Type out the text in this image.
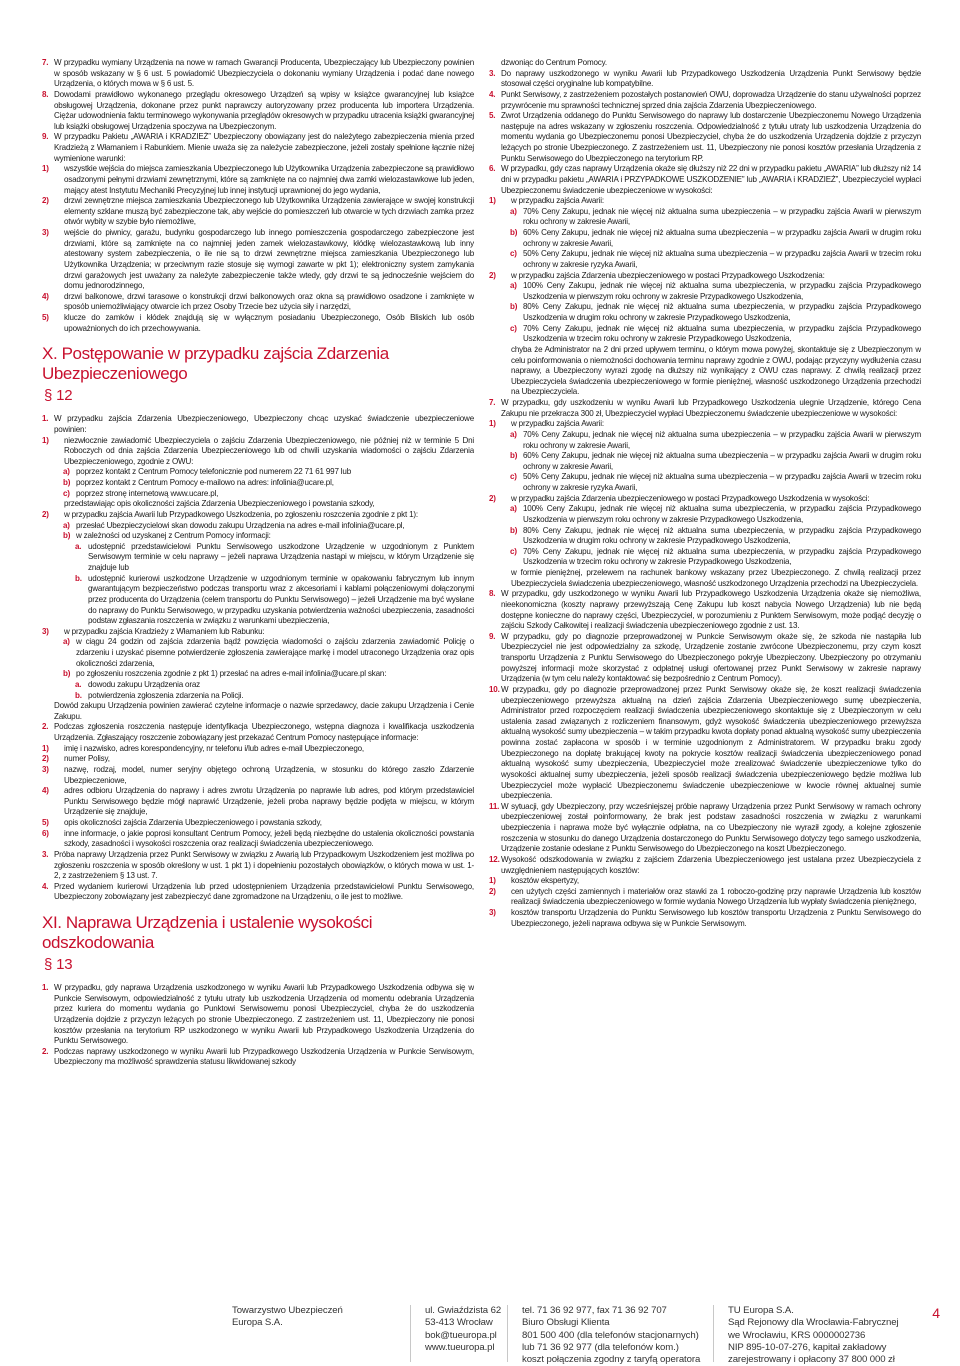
7. W przypadku wymiany Urządzenia na nowe w ramach Gwarancji Producenta, Ubezpieczający lub Ubezpieczony powinien w sposób wskazany w § 6 ust. 5 powiadomić Ubezpieczyciela o dokonaniu wymiany Urządzenia i podać dane nowego Urządzenia, o których mowa w § 6 ust. 5.

8. Dowodami prawidłowo wykonanego przeglądu okresowego Urządzeń są wpisy w książce gwarancyjnej lub książce obsługowej Urządzenia, dokonane przez punkt naprawczy autoryzowany przez producenta lub importera Urządzenia. Ciężar udowodnienia faktu terminowego wykonywania przeglądów okresowych w przypadku utracenia książki gwarancyjnej lub książki obsługowej Urządzenia spoczywa na Ubezpieczonym.

9. W przypadku Pakietu „AWARIA i KRADZIEŻ” Ubezpieczony obowiązany jest do należytego zabezpieczenia mienia przed Kradzieżą z Włamaniem i Rabunkiem. Mienie uważa się za należycie zabezpieczone, jeżeli zostały spełnione łącznie niżej wymienione warunki:

1) wszystkie wejścia do miejsca zamieszkania Ubezpieczonego lub Użytkownika Urządzenia zabezpieczone są prawidłowo osadzonymi pełnymi drzwiami zewnętrznymi, które są zamknięte na co najmniej dwa zamki wielozastawkowe lub jeden, mający atest Instytutu Mechaniki Precyzyjnej lub innej instytucji uprawnionej do jego wydania,

2) drzwi zewnętrzne miejsca zamieszkania Ubezpieczonego lub Użytkownika Urządzenia zawierające w swojej konstrukcji elementy szklane muszą być zabezpieczone tak, aby wejście do pomieszczeń lub otwarcie w tych drzwiach zamka przez otwór wybity w szybie było niemożliwe,

3) wejście do piwnicy, garażu, budynku gospodarczego lub innego pomieszczenia gospodarczego zabezpieczone jest drzwiami, które są zamknięte na co najmniej jeden zamek wielozastawkowy, kłódkę wielozastawkową lub inny atestowany system zabezpieczenia, o ile nie są to drzwi zewnętrzne miejsca zamieszkania Ubezpieczonego lub Użytkownika Urządzenia; w przeciwnym razie stosuje się wymogi zawarte w pkt 1); elektroniczny system zamykania drzwi garażowych jest uważany za należyte zabezpieczenie także wtedy, gdy drzwi te są jednocześnie wejściem do domu jednorodzinnego,

4) drzwi balkonowe, drzwi tarasowe o konstrukcji drzwi balkonowych oraz okna są prawidłowo osadzone i zamknięte w sposób uniemożliwiający otwarcie ich przez Osoby Trzecie bez użycia siły i narzędzi,

5) klucze do zamków i kłódek znajdują się w wyłącznym posiadaniu Ubezpieczonego, Osób Bliskich lub osób upoważnionych do ich przechowywania.

X. Postępowanie w przypadku zajścia Zdarzenia Ubezpieczeniowego
§ 12

1. W przypadku zajścia Zdarzenia Ubezpieczeniowego, Ubezpieczony chcąc uzyskać świadczenie ubezpieczeniowe powinien:

1) niezwłocznie zawiadomić Ubezpieczyciela o zajściu Zdarzenia Ubezpieczeniowego, nie później niż w terminie 5 Dni Roboczych od dnia zajścia Zdarzenia Ubezpieczeniowego lub od chwili uzyskania wiadomości o zajściu Zdarzenia Ubezpieczeniowego, zgodnie z OWU:

a) poprzez kontakt z Centrum Pomocy telefonicznie pod numerem 22 71 61 997 lub

b) poprzez kontakt z Centrum Pomocy e-mailowo na adres: infolinia@ucare.pl,

c) poprzez stronę internetową www.ucare.pl,

przedstawiając opis okoliczności zajścia Zdarzenia Ubezpieczeniowego i powstania szkody,

2) w przypadku zajścia Awarii lub Przypadkowego Uszkodzenia, po zgłoszeniu roszczenia zgodnie z pkt 1):

a) przesłać Ubezpieczycielowi skan dowodu zakupu Urządzenia na adres e-mail infolinia@ucare.pl,

b) w zależności od uzyskanej z Centrum Pomocy informacji:

a. udostępnić przedstawicielowi Punktu Serwisowego uszkodzone Urządzenie w uzgodnionym z Punktem Serwisowym terminie w celu naprawy – jeżeli naprawa Urządzenia nastąpi w miejscu, w którym Urządzenie się znajduje lub

b. udostępnić kurierowi uszkodzone Urządzenie w uzgodnionym terminie w opakowaniu fabrycznym lub innym gwarantującym bezpieczeństwo podczas transportu wraz z akcesoriami i kablami połączeniowymi dołączonymi przez producenta do Urządzenia (celem transportu do Punktu Serwisowego) – jeżeli Urządzenie ma być wysłane do naprawy do Punktu Serwisowego, w przypadku uzyskania potwierdzenia ważności ubezpieczenia, zasadności podstaw zgłaszania roszczenia w związku z warunkami ubezpieczenia,

3) w przypadku zajścia Kradzieży z Włamaniem lub Rabunku:

a) w ciągu 24 godzin od zajścia zdarzenia bądź powzięcia wiadomości o zajściu zdarzenia zawiadomić Policję o zdarzeniu i uzyskać pisemne potwierdzenie zgłoszenia zawierające markę i model utraconego Urządzenia oraz opis okoliczności zdarzenia,

b) po zgłoszeniu roszczenia zgodnie z pkt 1) przesłać na adres e-mail infolinia@ucare.pl skan:

a. dowodu zakupu Urządzenia oraz

b. potwierdzenia zgłoszenia zdarzenia na Policji.

Dowód zakupu Urządzenia powinien zawierać czytelne informacje o nazwie sprzedawcy, dacie zakupu Urządzenia i Cenie Zakupu.

2. Podczas zgłoszenia roszczenia następuje identyfikacja Ubezpieczonego, wstępna diagnoza i kwalifikacja uszkodzenia Urządzenia. Zgłaszający roszczenie zobowiązany jest przekazać Centrum Pomocy następujące informacje:

1) imię i nazwisko, adres korespondencyjny, nr telefonu i/lub adres e-mail Ubezpieczonego,

2) numer Polisy,

3) nazwę, rodzaj, model, numer seryjny objętego ochroną Urządzenia, w stosunku do którego zaszło Zdarzenie Ubezpieczeniowe,

4) adres odbioru Urządzenia do naprawy i adres zwrotu Urządzenia po naprawie lub adres, pod którym przedstawiciel Punktu Serwisowego będzie mógł naprawić Urządzenie, jeżeli proba naprawy będzie podjęta w miejscu, w którym Urządzenie się znajduje,

5) opis okoliczności zajścia Zdarzenia Ubezpieczeniowego i powstania szkody,

6) inne informacje, o jakie poprosi konsultant Centrum Pomocy, jeżeli będą niezbędne do ustalenia okoliczności powstania szkody, zasadności i wysokości roszczenia oraz realizacji świadczenia ubezpieczeniowego.

3. Próba naprawy Urządzenia przez Punkt Serwisowy w związku z Awarią lub Przypadkowym Uszkodzeniem jest możliwa po zgłoszeniu roszczenia w sposób określony w ust. 1 pkt 1) i dopełnieniu pozostałych obowiązków, o których mowa w ust. 1-2, z zastrzeżeniem § 13 ust. 7.

4. Przed wydaniem kurierowi Urządzenia lub przed udostępnieniem Urządzenia przedstawicielowi Punktu Serwisowego, Ubezpieczony zobowiązany jest zabezpieczyć dane zgromadzone na Urządzeniu, o ile jest to możliwe.

XI. Naprawa Urządzenia i ustalenie wysokości odszkodowania
§ 13

1. W przypadku, gdy naprawa Urządzenia uszkodzonego w wyniku Awarii lub Przypadkowego Uszkodzenia odbywa się w Punkcie Serwisowym, odpowiedzialność z tytułu utraty lub uszkodzenia Urządzenia od momentu odebrania Urządzenia przez kuriera do momentu wydania go Punktowi Serwisowemu ponosi Ubezpieczyciel, chyba że do uszkodzenia Urządzenia dojdzie z przyczyn leżących po stronie Ubezpieczonego. Z zastrzeżeniem ust. 11, Ubezpieczony nie ponosi kosztów przesłania na terytorium RP uszkodzonego w wyniku Awarii lub Przypadkowego Uszkodzenia Urządzenia do Punktu Serwisowego.

2. Podczas naprawy uszkodzonego w wyniku Awarii lub Przypadkowego Uszkodzenia Urządzenia w Punkcie Serwisowym, Ubezpieczony ma możliwość sprawdzenia statusu likwidowanej szkody

dzwoniąc do Centrum Pomocy.

3. Do naprawy uszkodzonego w wyniku Awarii lub Przypadkowego Uszkodzenia Urządzenia Punkt Serwisowy będzie stosował części oryginalne lub kompatybilne.

4. Punkt Serwisowy, z zastrzeżeniem pozostałych postanowień OWU, doprowadza Urządzenie do stanu używalności poprzez przywrócenie mu sprawności technicznej sprzed dnia zajścia Zdarzenia Ubezpieczeniowego.

5. Zwrot Urządzenia oddanego do Punktu Serwisowego do naprawy lub dostarczenie Ubezpieczonemu Nowego Urządzenia następuje na adres wskazany w zgłoszeniu roszczenia. Odpowiedzialność z tytułu utraty lub uszkodzenia Urządzenia do momentu wydania go Ubezpieczonemu ponosi Ubezpieczyciel, chyba że do uszkodzenia Urządzenia dojdzie z przyczyn leżących po stronie Ubezpieczonego. Z zastrzeżeniem ust. 11, Ubezpieczony nie ponosi kosztów przesłania Urządzenia z Punktu Serwisowego do Ubezpieczonego na terytorium RP.

6. W przypadku, gdy czas naprawy Urządzenia okaże się dłuższy niż 22 dni w przypadku pakietu „AWARIA” lub dłuższy niż 14 dni w przypadku pakietu „AWARIA i PRZYPADKOWE USZKODZENIE” lub „AWARIA i KRADZIEŻ”, Ubezpieczyciel wypłaci Ubezpieczonemu świadczenie ubezpieczeniowe w wysokości:

1) w przypadku zajścia Awarii:

a) 70% Ceny Zakupu, jednak nie więcej niż aktualna suma ubezpieczenia – w przypadku zajścia Awarii w pierwszym roku ochrony w zakresie Awarii,

b) 60% Ceny Zakupu, jednak nie więcej niż aktualna suma ubezpieczenia – w przypadku zajścia Awarii w drugim roku ochrony w zakresie Awarii,

c) 50% Ceny Zakupu, jednak nie więcej niż aktualna suma ubezpieczenia – w przypadku zajścia Awarii w trzecim roku ochrony w zakresie ryzyka Awarii,

2) w przypadku zajścia Zdarzenia ubezpieczeniowego w postaci Przypadkowego Uszkodzenia:

a) 100% Ceny Zakupu, jednak nie więcej niż aktualna suma ubezpieczenia, w przypadku zajścia Przypadkowego Uszkodzenia w pierwszym roku ochrony w zakresie Przypadkowego Uszkodzenia,

b) 80% Ceny Zakupu, jednak nie więcej niż aktualna suma ubezpieczenia, w przypadku zajścia Przypadkowego Uszkodzenia w drugim roku ochrony w zakresie Przypadkowego Uszkodzenia,

c) 70% Ceny Zakupu, jednak nie więcej niż aktualna suma ubezpieczenia, w przypadku zajścia Przypadkowego Uszkodzenia w trzecim roku ochrony w zakresie Przypadkowego Uszkodzenia,

chyba że Administrator na 2 dni przed upływem terminu, o którym mowa powyżej, skontaktuje się z Ubezpieczonym w celu poinformowania o niemożności dochowania terminu naprawy zgodnie z OWU, podając przyczyny wydłużenia czasu naprawy, a Ubezpieczony wyrazi zgodę na dłuższy niż wynikający z OWU czas naprawy. Z chwilą realizacji przez Ubezpieczyciela świadczenia ubezpieczeniowego w formie pieniężnej, własność uszkodzonego Urządzenia przechodzi na Ubezpieczyciela.

7. W przypadku, gdy uszkodzeniu w wyniku Awarii lub Przypadkowego Uszkodzenia ulegnie Urządzenie, którego Cena Zakupu nie przekracza 300 zł, Ubezpieczyciel wypłaci Ubezpieczonemu świadczenie ubezpieczeniowe w wysokości:

1) w przypadku zajścia Awarii:

a) 70% Ceny Zakupu, jednak nie więcej niż aktualna suma ubezpieczenia – w przypadku zajścia Awarii w pierwszym roku ochrony w zakresie Awarii,

b) 60% Ceny Zakupu, jednak nie więcej niż aktualna suma ubezpieczenia – w przypadku zajścia Awarii w drugim roku ochrony w zakresie Awarii,

c) 50% Ceny Zakupu, jednak nie więcej niż aktualna suma ubezpieczenia – w przypadku zajścia Awarii w trzecim roku ochrony w zakresie ryzyka Awarii,

2) w przypadku zajścia Zdarzenia ubezpieczeniowego w postaci Przypadkowego Uszkodzenia w wysokości:

a) 100% Ceny Zakupu, jednak nie więcej niż aktualna suma ubezpieczenia, w przypadku zajścia Przypadkowego Uszkodzenia w pierwszym roku ochrony w zakresie Przypadkowego Uszkodzenia,

b) 80% Ceny Zakupu, jednak nie więcej niż aktualna suma ubezpieczenia, w przypadku zajścia Przypadkowego Uszkodzenia w drugim roku ochrony w zakresie Przypadkowego Uszkodzenia,

c) 70% Ceny Zakupu, jednak nie więcej niż aktualna suma ubezpieczenia, w przypadku zajścia Przypadkowego Uszkodzenia w trzecim roku ochrony w zakresie Przypadkowego Uszkodzenia,

w formie pieniężnej, przelewem na rachunek bankowy wskazany przez Ubezpieczonego. Z chwilą realizacji przez Ubezpieczyciela świadczenia ubezpieczeniowego, własność uszkodzonego Urządzenia przechodzi na Ubezpieczyciela.

8. W przypadku, gdy uszkodzonego w wyniku Awarii lub Przypadkowego Uszkodzenia Urządzenia okaże się niemożliwa, nieekonomiczna (koszty naprawy przewyższają Cenę Zakupu lub koszt nabycia Nowego Urządzenia) lub nie będą dostępne konieczne do naprawy części, Ubezpieczyciel, w porozumieniu z Punktem Serwisowym, może podjąć decyzję o zajściu Szkody Całkowitej i realizacji świadczenia ubezpieczeniowego zgodnie z ust. 13.

9. W przypadku, gdy po diagnozie przeprowadzonej w Punkcie Serwisowym okaże się, że szkoda nie nastąpiła lub Ubezpieczyciel nie jest odpowiedzialny za szkodę, Urządzenie zostanie zwrócone Ubezpieczonemu, przy czym koszt transportu Urządzenia z Punktu Serwisowego do Ubezpieczonego pokryje Ubezpieczony. Ubezpieczony po otrzymaniu powyższej informacji może skorzystać z odpłatnej usługi ofertowanej przez Punkt Serwisowy w zakresie naprawy Urządzenia (w tym celu należy kontaktować się bezpośrednio z Centrum Pomocy).

10. W przypadku, gdy po diagnozie przeprowadzonej przez Punkt Serwisowy okaże się, że koszt realizacji świadczenia ubezpieczeniowego przewyższa aktualną na dzień zajścia Zdarzenia Ubezpieczeniowego sumę ubezpieczenia, Administrator przed rozpoczęciem realizacji świadczenia ubezpieczeniowego skontaktuje się z Ubezpieczonym w celu ustalenia zasad związanych z rozliczeniem finansowym, gdyż wysokość świadczenia ubezpieczeniowego przewyższa aktualną wysokość sumy ubezpieczenia – w takim przypadku kwota dopłaty ponad aktualną wysokość sumy ubezpieczenia powinna zostać zapłacona w sposób i w terminie uzgodnionym z Administratorem. W przypadku braku zgody Ubezpieczonego na dopłatę brakującej kwoty na pokrycie kosztów realizacji świadczenia ubezpieczeniowego ponad aktualną wysokość sumy ubezpieczenia, Ubezpieczyciel może zrealizować świadczenie ubezpieczeniowe tylko do wysokości aktualnej sumy ubezpieczenia, jeżeli sposób realizacji świadczenia ubezpieczeniowego będzie możliwa lub Ubezpieczyciel może wypłacić Ubezpieczonemu świadczenie ubezpieczeniowe w kwocie równej aktualnej sumie ubezpieczenia.

11. W sytuacji, gdy Ubezpieczony, przy wcześniejszej próbie naprawy Urządzenia przez Punkt Serwisowy w ramach ochrony ubezpieczeniowej został poinformowany, że brak jest podstaw zasadności roszczenia w związku z warunkami ubezpieczenia i naprawa może być wyłącznie odpłatna, na co Ubezpieczony nie wyraził zgody, a kolejne zgłoszenie roszczenia w stosunku do danego Urządzenia dostarczonego do Punktu Serwisowego dotyczy tego samego uszkodzenia, Urządzenie zostanie odesłane z Punktu Serwisowego do Ubezpieczonego na koszt Ubezpieczonego.

12. Wysokość odszkodowania w związku z zajściem Zdarzenia Ubezpieczeniowego jest ustalana przez Ubezpieczyciela z uwzględnieniem następujących kosztów:

1) kosztów ekspertyzy,

2) cen użytych części zamiennych i materiałów oraz stawki za 1 roboczo-godzinę przy naprawie Urządzenia lub kosztów realizacji świadczenia ubezpieczeniowego w formie wydania Nowego Urządzenia lub wypłaty świadczenia pieniężnego,

3) kosztów transportu Urządzenia do Punktu Serwisowego lub kosztów transportu Urządzenia z Punktu Serwisowego do Ubezpieczonego, jeżeli naprawa odbywa się w Punkcie Serwisowym.

Towarzystwo Ubezpieczeń
Europa S.A.
ul. Gwiaździsta 62
53-413 Wrocław
bok@tueuropa.pl
www.tueuropa.pl
tel. 71 36 92 977, fax 71 36 92 707
Biuro Obsługi Klienta
801 500 400 (dla telefonów stacjonarnych)
lub 71 36 92 977 (dla telefonów kom.)
koszt połączenia zgodny z taryfą operatora
TU Europa S.A.
Sąd Rejonowy dla Wrocławia-Fabrycznej
we Wrocławiu, KRS 0000002736
NIP 895-10-07-276, kapitał zakładowy
zarejestrowany i opłacony 37 800 000 zł
4
